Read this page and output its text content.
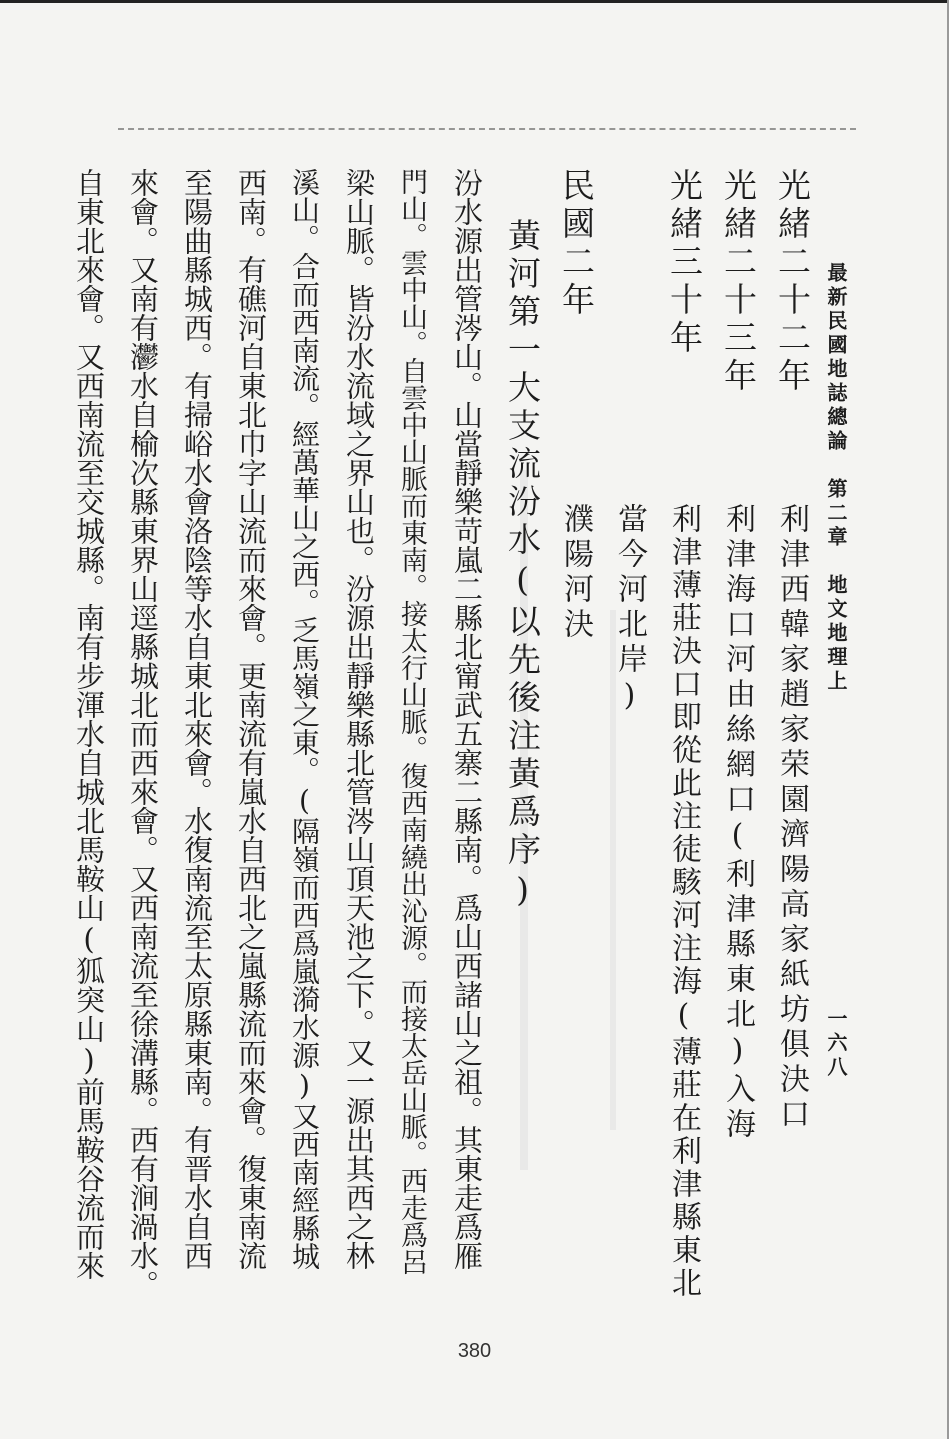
最新民國地誌總論　第二章　地文地理上
一六八
光緒二十二年
利津西韓家趙家荣園濟陽高家紙坊俱決口
光緒二十三年
利津海口河由絲網口(利津縣東北)入海
光緒三十年
利津薄莊決口即從此注徒駭河注海(薄莊在利津縣東北
當今河北岸)
民國二年
濮陽河決
黃河第一大支流汾水(以先後注黃爲序)
汾水源出管涔山。山當靜樂苛嵐二縣北甯武五寨二縣南。爲山西諸山之祖。其東走爲雁
門山。雲中山。自雲中山脈而東南。接太行山脈。復西南繞出沁源。而接太岳山脈。西走爲呂
梁山脈。皆汾水流域之界山也。汾源出靜樂縣北管涔山頂天池之下。又一源出其西之林
溪山。合而西南流。經萬華山之西。乏馬嶺之東。(隔嶺而西爲嵐漪水源)又西南經縣城
西南。有礁河自東北巾字山流而來會。更南流有嵐水自西北之嵐縣流而來會。復東南流
至陽曲縣城西。有掃峪水會洛陰等水自東北來會。水復南流至太原縣東南。有晋水自西
來會。又南有灪水自榆次縣東界山逕縣城北而西來會。又西南流至徐溝縣。西有涧渦水。
自東北來會。又西南流至交城縣。南有步渾水自城北馬鞍山(狐突山)前馬鞍谷流而來
380
